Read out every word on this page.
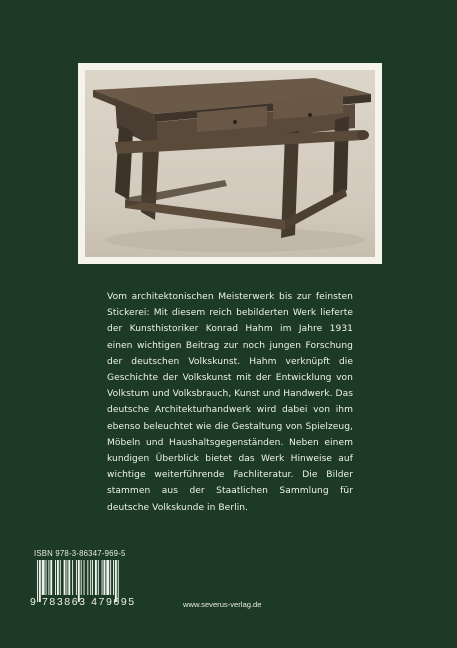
Vom architektonischen Meisterwerk bis zur feinsten Stickerei: Mit diesem reich bebilderten Werk lieferte der Kunsthistoriker Konrad Hahm im Jahre 1931 einen wichtigen Beitrag zur noch jungen Forschung der deutschen Volkskunst. Hahm verknüpft die Geschichte der Volkskunst mit der Entwicklung von Volkstum und Volksbrauch, Kunst und Handwerk. Das deutsche Architekturhandwerk wird dabei von ihm ebenso beleuchtet wie die Gestaltung von Spielzeug, Möbeln und Haushaltsgegenständen. Neben einem kundigen Überblick bietet das Werk Hinweise auf wichtige weiterführende Fachliteratur. Die Bilder stammen aus der Staatlichen Sammlung für deutsche Volkskunde in Berlin.
ISBN 978-3-86347-969-5
9 783863 479695	www.severus-verlag.de
